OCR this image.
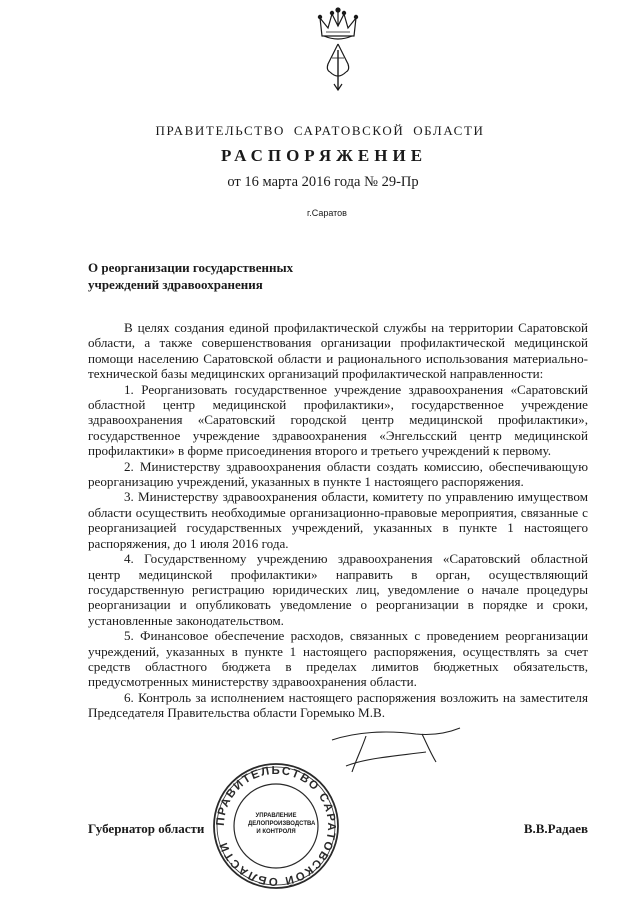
ПРАВИТЕЛЬСТВО САРАТОВСКОЙ ОБЛАСТИ
РАСПОРЯЖЕНИЕ
от 16 марта 2016 года № 29-Пр
г.Саратов
О реорганизации государственных
учреждений здравоохранения

В целях создания единой профилактической службы на территории Саратовской области, а также совершенствования организации профилактической медицинской помощи населению Саратовской области и рационального использования материально-технической базы медицинских организаций профилактической направленности:

1. Реорганизовать государственное учреждение здравоохранения «Саратовский областной центр медицинской профилактики», государственное учреждение здравоохранения «Саратовский городской центр медицинской профилактики», государственное учреждение здравоохранения «Энгельсский центр медицинской профилактики» в форме присоединения второго и третьего учреждений к первому.

2. Министерству здравоохранения области создать комиссию, обеспечивающую реорганизацию учреждений, указанных в пункте 1 настоящего распоряжения.

3. Министерству здравоохранения области, комитету по управлению имуществом области осуществить необходимые организационно-правовые мероприятия, связанные с реорганизацией государственных учреждений, указанных в пункте 1 настоящего распоряжения, до 1 июля 2016 года.

4. Государственному учреждению здравоохранения «Саратовский областной центр медицинской профилактики» направить в орган, осуществляющий государственную регистрацию юридических лиц, уведомление о начале процедуры реорганизации и опубликовать уведомление о реорганизации в порядке и сроки, установленные законодательством.

5. Финансовое обеспечение расходов, связанных с проведением реорганизации учреждений, указанных в пункте 1 настоящего распоряжения, осуществлять за счет средств областного бюджета в пределах лимитов бюджетных обязательств, предусмотренных министерству здравоохранения области.

6. Контроль за исполнением настоящего распоряжения возложить на заместителя Председателя Правительства области Горемыко М.В.

Губернатор области	В.В.Радаев
ПРАВИТЕЛЬСТВО САРАТОВСКОЙ ОБЛАСТИ
УПРАВЛЕНИЕ
ДЕЛОПРОИЗВОДСТВА
И КОНТРОЛЯ
